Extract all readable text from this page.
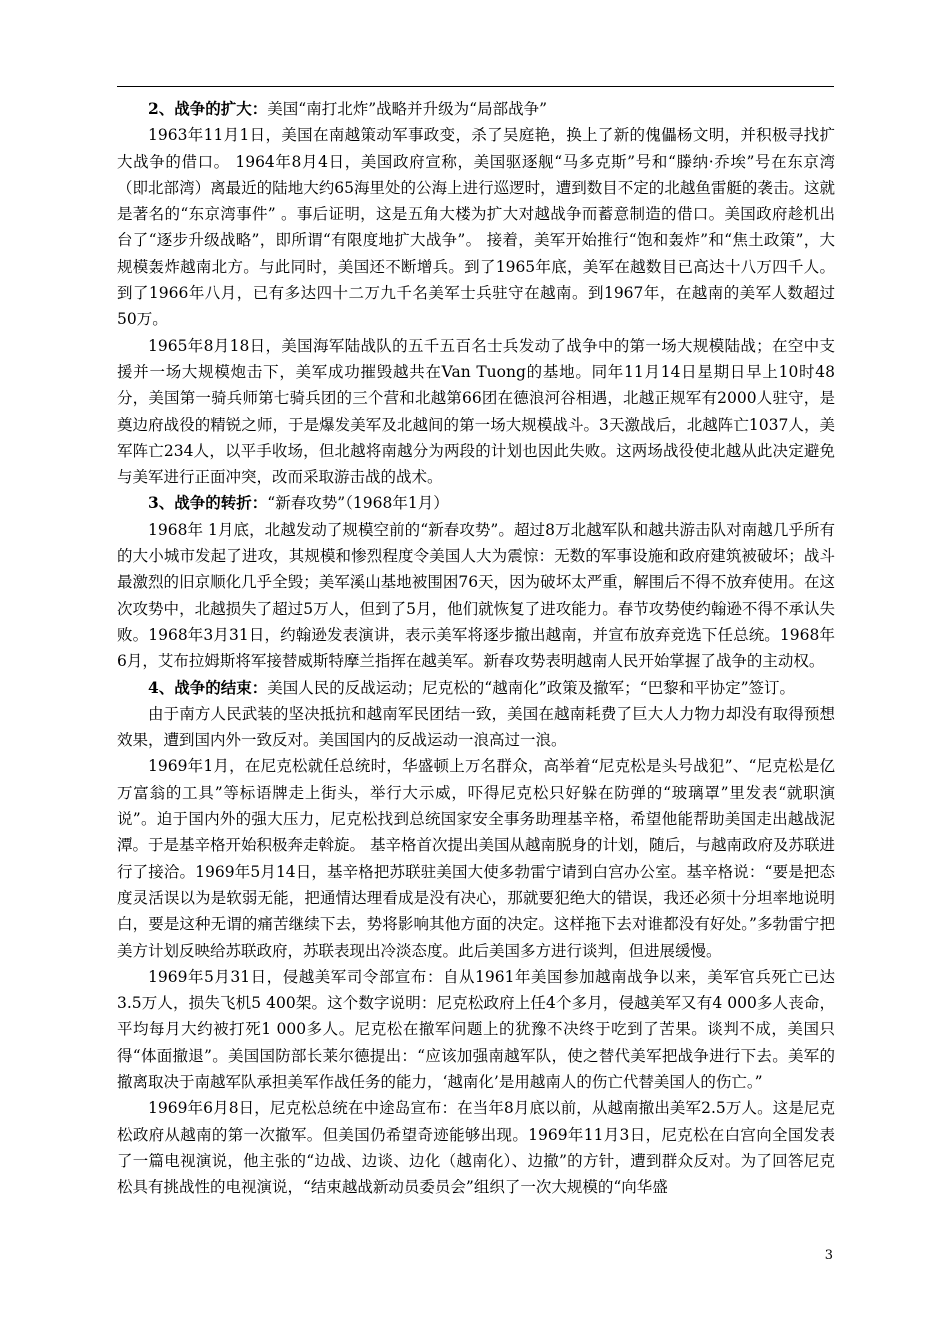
2、战争的扩大：美国“南打北炸”战略并升级为“局部战争”

1963年11月1日，美国在南越策动军事政变，杀了吴庭艳，换上了新的傀儡杨文明，并积极寻找扩大战争的借口。 1964年8月4日，美国政府宣称，美国驱逐舰“马多克斯”号和“滕纳·乔埃”号在东京湾（即北部湾）离最近的陆地大约65海里处的公海上进行巡逻时，遭到数目不定的北越鱼雷艇的袭击。这就是著名的“东京湾事件” 。事后证明，这是五角大楼为扩大对越战争而蓄意制造的借口。美国政府趁机出台了“逐步升级战略”，即所谓“有限度地扩大战争”。 接着，美军开始推行“饱和轰炸”和“焦土政策”，大规模轰炸越南北方。与此同时，美国还不断增兵。到了1965年底，美军在越数目已高达十八万四千人。到了1966年八月，已有多达四十二万九千名美军士兵驻守在越南。到1967年，在越南的美军人数超过50万。

1965年8月18日，美国海军陆战队的五千五百名士兵发动了战争中的第一场大规模陆战；在空中支援并一场大规模炮击下，美军成功摧毁越共在Van Tuong的基地。同年11月14日星期日早上10时48分，美国第一骑兵师第七骑兵团的三个营和北越第66团在德浪河谷相遇，北越正规军有2000人驻守，是奠边府战役的精锐之师，于是爆发美军及北越间的第一场大规模战斗。3天激战后，北越阵亡1037人，美军阵亡234人，以平手收场，但北越将南越分为两段的计划也因此失败。这两场战役使北越从此决定避免与美军进行正面冲突，改而采取游击战的战术。

3、战争的转折：“新春攻势”（1968年1月）

1968年 1月底，北越发动了规模空前的“新春攻势”。超过8万北越军队和越共游击队对南越几乎所有的大小城市发起了进攻，其规模和惨烈程度令美国人大为震惊：无数的军事设施和政府建筑被破坏；战斗最激烈的旧京顺化几乎全毁；美军溪山基地被围困76天，因为破坏太严重，解围后不得不放弃使用。在这次攻势中，北越损失了超过5万人，但到了5月，他们就恢复了进攻能力。春节攻势使约翰逊不得不承认失败。1968年3月31日，约翰逊发表演讲，表示美军将逐步撤出越南，并宣布放弃竞选下任总统。1968年6月，艾布拉姆斯将军接替威斯特摩兰指挥在越美军。新春攻势表明越南人民开始掌握了战争的主动权。

4、战争的结束：美国人民的反战运动；尼克松的“越南化”政策及撤军；“巴黎和平协定”签订。

由于南方人民武装的坚决抵抗和越南军民团结一致，美国在越南耗费了巨大人力物力却没有取得预想效果，遭到国内外一致反对。美国国内的反战运动一浪高过一浪。

1969年1月，在尼克松就任总统时，华盛顿上万名群众，高举着“尼克松是头号战犯”、“尼克松是亿万富翁的工具”等标语牌走上街头，举行大示威，吓得尼克松只好躲在防弹的“玻璃罩”里发表“就职演说”。迫于国内外的强大压力，尼克松找到总统国家安全事务助理基辛格，希望他能帮助美国走出越战泥潭。于是基辛格开始积极奔走斡旋。 基辛格首次提出美国从越南脱身的计划，随后，与越南政府及苏联进行了接洽。1969年5月14日，基辛格把苏联驻美国大使多勃雷宁请到白宫办公室。基辛格说：“要是把态度灵活误以为是软弱无能，把通情达理看成是没有决心，那就要犯绝大的错误，我还必须十分坦率地说明白，要是这种无谓的痛苦继续下去，势将影响其他方面的决定。这样拖下去对谁都没有好处。”多勃雷宁把美方计划反映给苏联政府，苏联表现出冷淡态度。此后美国多方进行谈判，但进展缓慢。

1969年5月31日，侵越美军司令部宣布：自从1961年美国参加越南战争以来，美军官兵死亡已达3.5万人，损失飞机5 400架。这个数字说明：尼克松政府上任4个多月，侵越美军又有4 000多人丧命，平均每月大约被打死1 000多人。尼克松在撤军问题上的犹豫不决终于吃到了苦果。谈判不成，美国只得“体面撤退”。美国国防部长莱尔德提出：“应该加强南越军队，使之替代美军把战争进行下去。美军的撤离取决于南越军队承担美军作战任务的能力，‘越南化’是用越南人的伤亡代替美国人的伤亡。”

1969年6月8日，尼克松总统在中途岛宣布：在当年8月底以前，从越南撤出美军2.5万人。这是尼克松政府从越南的第一次撤军。但美国仍希望奇迹能够出现。1969年11月3日，尼克松在白宫向全国发表了一篇电视演说，他主张的“边战、边谈、边化（越南化）、边撤”的方针，遭到群众反对。为了回答尼克松具有挑战性的电视演说，“结束越战新动员委员会”组织了一次大规模的“向华盛

3
